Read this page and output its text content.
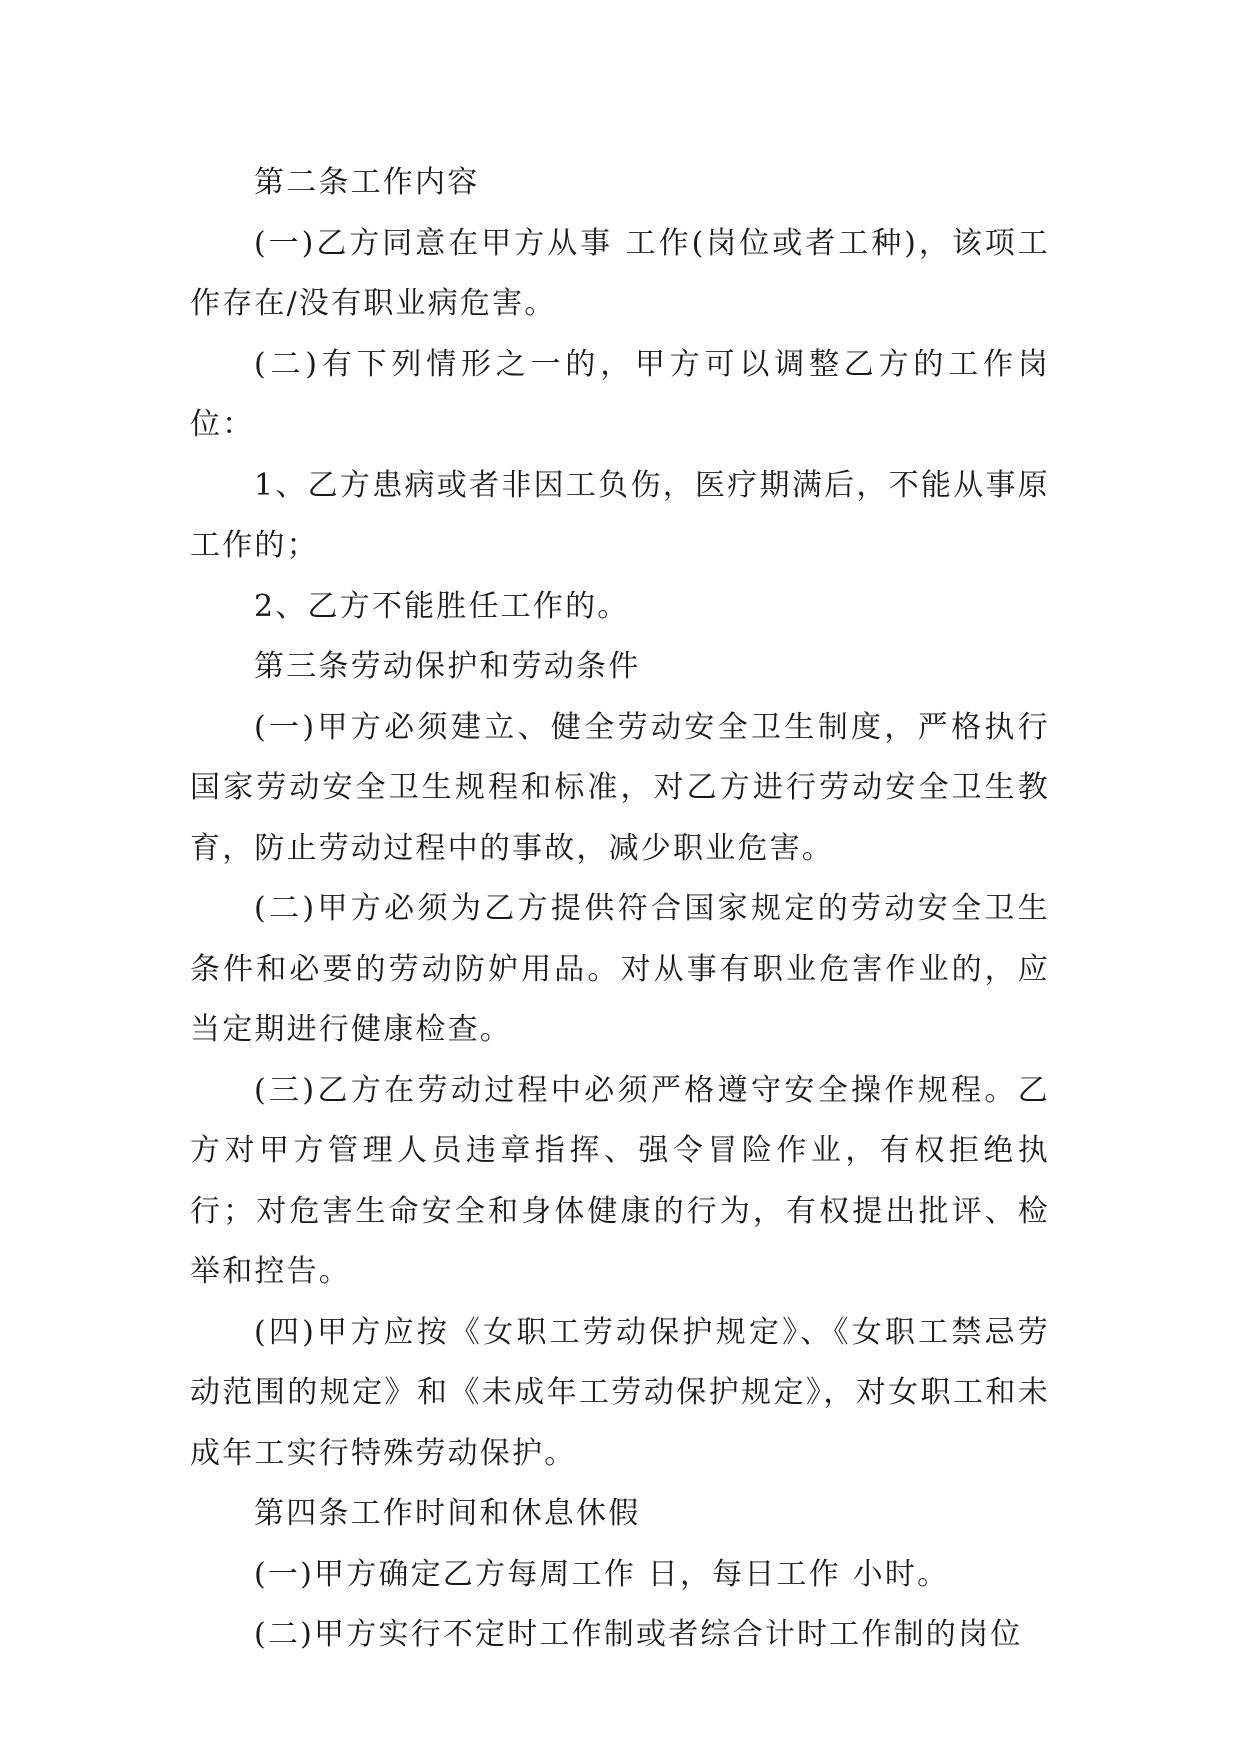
第二条工作内容

(一)乙方同意在甲方从事 工作(岗位或者工种)，该项工作存在/没有职业病危害。

(二)有下列情形之一的，甲方可以调整乙方的工作岗位：

1、乙方患病或者非因工负伤，医疗期满后，不能从事原工作的；

2、乙方不能胜任工作的。

第三条劳动保护和劳动条件

(一)甲方必须建立、健全劳动安全卫生制度，严格执行国家劳动安全卫生规程和标准，对乙方进行劳动安全卫生教育，防止劳动过程中的事故，减少职业危害。

(二)甲方必须为乙方提供符合国家规定的劳动安全卫生条件和必要的劳动防妒用品。对从事有职业危害作业的，应当定期进行健康检查。

(三)乙方在劳动过程中必须严格遵守安全操作规程。乙方对甲方管理人员违章指挥、强令冒险作业，有权拒绝执行；对危害生命安全和身体健康的行为，有权提出批评、检举和控告。

(四)甲方应按《女职工劳动保护规定》、《女职工禁忌劳动范围的规定》和《未成年工劳动保护规定》，对女职工和未成年工实行特殊劳动保护。

第四条工作时间和休息休假

(一)甲方确定乙方每周工作 日，每日工作 小时。

(二)甲方实行不定时工作制或者综合计时工作制的岗位
